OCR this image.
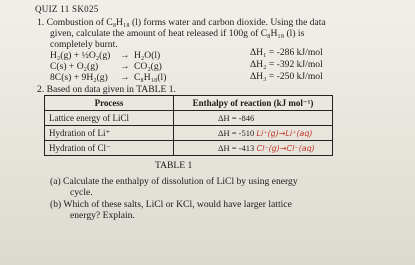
QUIZ 11 SK025
1. Combustion of C₈H₁₈ (l) forms water and carbon dioxide. Using the data
given, calculate the amount of heat released if 100g of C₈H₁₈ (l) is
completely burnt.
H₂(g) + ½O₂(g) → H₂O(l)	ΔH₁ = -286 kJ/mol
C(s) + O₂(g) → CO₂(g)	ΔH₂ = -392 kJ/mol
8C(s) + 9H₂(g) → C₈H₁₈(l)	ΔH₃ = -250 kJ/mol
2. Based on data given in TABLE 1.
Process	Enthalpy of reaction (kJ mol⁻¹)
Lattice energy of LiCl	ΔH = -846
Hydration of Li⁺	ΔH = -510 Li⁺(g)→Li⁺(aq)
Hydration of Cl⁻	ΔH = -413 Cl⁻(g)→Cl⁻(aq)
TABLE 1
(a) Calculate the enthalpy of dissolution of LiCl by using energy
cycle.
(b) Which of these salts, LiCl or KCl, would have larger lattice
energy? Explain.
